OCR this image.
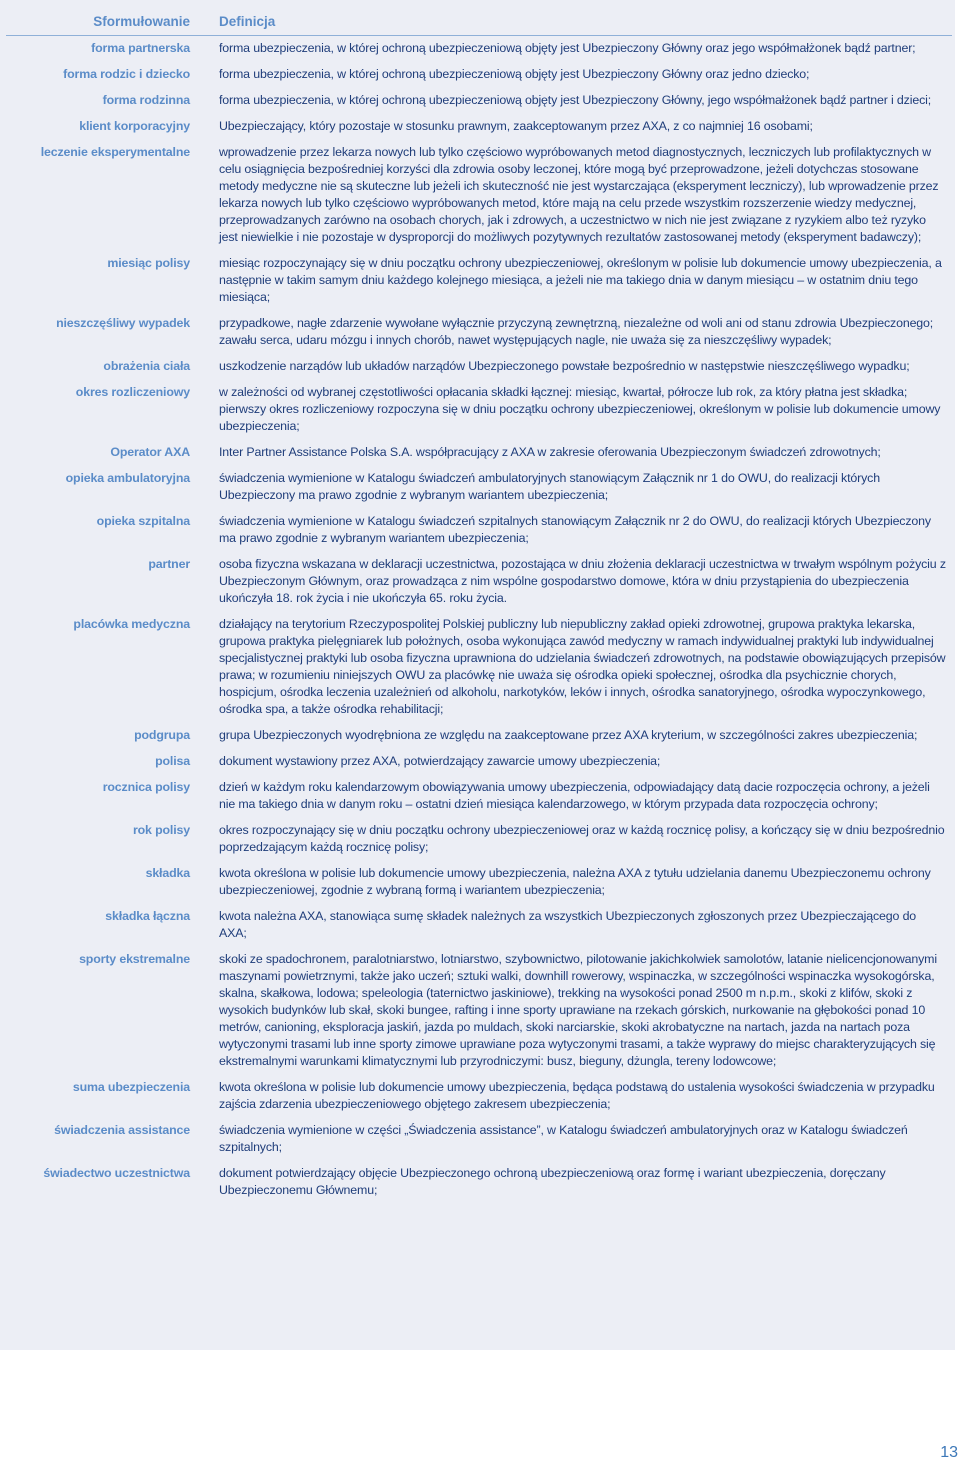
Sformułowanie	Definicja
forma partnerska	forma ubezpieczenia, w której ochroną ubezpieczeniową objęty jest Ubezpieczony Główny oraz jego współmałżonek bądź partner;
forma rodzic i dziecko	forma ubezpieczenia, w której ochroną ubezpieczeniową objęty jest Ubezpieczony Główny oraz jedno dziecko;
forma rodzinna	forma ubezpieczenia, w której ochroną ubezpieczeniową objęty jest Ubezpieczony Główny, jego współmałżonek bądź partner i dzieci;
klient korporacyjny	Ubezpieczający, który pozostaje w stosunku prawnym, zaakceptowanym przez AXA, z co najmniej 16 osobami;
leczenie eksperymentalne	wprowadzenie przez lekarza nowych lub tylko częściowo wypróbowanych metod diagnostycznych, leczniczych lub profilaktycznych w celu osiągnięcia bezpośredniej korzyści dla zdrowia osoby leczonej, które mogą być przeprowadzone, jeżeli dotychczas stosowane metody medyczne nie są skuteczne lub jeżeli ich skuteczność nie jest wystarczająca (eksperyment leczniczy), lub wprowadzenie przez lekarza nowych lub tylko częściowo wypróbowanych metod, które mają na celu przede wszystkim rozszerzenie wiedzy medycznej, przeprowadzanych zarówno na osobach chorych, jak i zdrowych, a uczestnictwo w nich nie jest związane z ryzykiem albo też ryzyko jest niewielkie i nie pozostaje w dysproporcji do możliwych pozytywnych rezultatów zastosowanej metody (eksperyment badawczy);
miesiąc polisy	miesiąc rozpoczynający się w dniu początku ochrony ubezpieczeniowej, określonym w polisie lub dokumencie umowy ubezpieczenia, a następnie w takim samym dniu każdego kolejnego miesiąca, a jeżeli nie ma takiego dnia w danym miesiącu – w ostatnim dniu tego miesiąca;
nieszczęśliwy wypadek	przypadkowe, nagłe zdarzenie wywołane wyłącznie przyczyną zewnętrzną, niezależne od woli ani od stanu zdrowia Ubezpieczonego; zawału serca, udaru mózgu i innych chorób, nawet występujących nagle, nie uważa się za nieszczęśliwy wypadek;
obrażenia ciała	uszkodzenie narządów lub układów narządów Ubezpieczonego powstałe bezpośrednio w następstwie nieszczęśliwego wypadku;
okres rozliczeniowy	w zależności od wybranej częstotliwości opłacania składki łącznej: miesiąc, kwartał, półrocze lub rok, za który płatna jest składka; pierwszy okres rozliczeniowy rozpoczyna się w dniu początku ochrony ubezpieczeniowej, określonym w polisie lub dokumencie umowy ubezpieczenia;
Operator AXA	Inter Partner Assistance Polska S.A. współpracujący z AXA w zakresie oferowania Ubezpieczonym świadczeń zdrowotnych;
opieka ambulatoryjna	świadczenia wymienione w Katalogu świadczeń ambulatoryjnych stanowiącym Załącznik nr 1 do OWU, do realizacji których Ubezpieczony ma prawo zgodnie z wybranym wariantem ubezpieczenia;
opieka szpitalna	świadczenia wymienione w Katalogu świadczeń szpitalnych stanowiącym Załącznik nr 2 do OWU, do realizacji których Ubezpieczony ma prawo zgodnie z wybranym wariantem ubezpieczenia;
partner	osoba fizyczna wskazana w deklaracji uczestnictwa, pozostająca w dniu złożenia deklaracji uczestnictwa w trwałym wspólnym pożyciu z Ubezpieczonym Głównym, oraz prowadząca z nim wspólne gospodarstwo domowe, która w dniu przystąpienia do ubezpieczenia ukończyła 18. rok życia i nie ukończyła 65. roku życia.
placówka medyczna	działający na terytorium Rzeczypospolitej Polskiej publiczny lub niepubliczny zakład opieki zdrowotnej, grupowa praktyka lekarska, grupowa praktyka pielęgniarek lub położnych, osoba wykonująca zawód medyczny w ramach indywidualnej praktyki lub indywidualnej specjalistycznej praktyki lub osoba fizyczna uprawniona do udzielania świadczeń zdrowotnych, na podstawie obowiązujących przepisów prawa; w rozumieniu niniejszych OWU za placówkę nie uważa się ośrodka opieki społecznej, ośrodka dla psychicznie chorych, hospicjum, ośrodka leczenia uzależnień od alkoholu, narkotyków, leków i innych, ośrodka sanatoryjnego, ośrodka wypoczynkowego, ośrodka spa, a także ośrodka rehabilitacji;
podgrupa	grupa Ubezpieczonych wyodrębniona ze względu na zaakceptowane przez AXA kryterium, w szczególności zakres ubezpieczenia;
polisa	dokument wystawiony przez AXA, potwierdzający zawarcie umowy ubezpieczenia;
rocznica polisy	dzień w każdym roku kalendarzowym obowiązywania umowy ubezpieczenia, odpowiadający datą dacie rozpoczęcia ochrony, a jeżeli nie ma takiego dnia w danym roku – ostatni dzień miesiąca kalendarzowego, w którym przypada data rozpoczęcia ochrony;
rok polisy	okres rozpoczynający się w dniu początku ochrony ubezpieczeniowej oraz w każdą rocznicę polisy, a kończący się w dniu bezpośrednio poprzedzającym każdą rocznicę polisy;
składka	kwota określona w polisie lub dokumencie umowy ubezpieczenia, należna AXA z tytułu udzielania danemu Ubezpieczonemu ochrony ubezpieczeniowej, zgodnie z wybraną formą i wariantem ubezpieczenia;
składka łączna	kwota należna AXA, stanowiąca sumę składek należnych za wszystkich Ubezpieczonych zgłoszonych przez Ubezpieczającego do AXA;
sporty ekstremalne	skoki ze spadochronem, paralotniarstwo, lotniarstwo, szybownictwo, pilotowanie jakichkolwiek samolotów, latanie nielicencjonowanymi maszynami powietrznymi, także jako uczeń; sztuki walki, downhill rowerowy, wspinaczka, w szczególności wspinaczka wysokogórska, skalna, skałkowa, lodowa; speleologia (taternictwo jaskiniowe), trekking na wysokości ponad 2500 m n.p.m., skoki z klifów, skoki z wysokich budynków lub skał, skoki bungee, rafting i inne sporty uprawiane na rzekach górskich, nurkowanie na głębokości ponad 10 metrów, canioning, eksploracja jaskiń, jazda po muldach, skoki narciarskie, skoki akrobatyczne na nartach, jazda na nartach poza wytyczonymi trasami lub inne sporty zimowe uprawiane poza wytyczonymi trasami, a także wyprawy do miejsc charakteryzujących się ekstremalnymi warunkami klimatycznymi lub przyrodniczymi: busz, bieguny, dżungla, tereny lodowcowe;
suma ubezpieczenia	kwota określona w polisie lub dokumencie umowy ubezpieczenia, będąca podstawą do ustalenia wysokości świadczenia w przypadku zajścia zdarzenia ubezpieczeniowego objętego zakresem ubezpieczenia;
świadczenia assistance	świadczenia wymienione w części „Świadczenia assistance”, w Katalogu świadczeń ambulatoryjnych oraz w Katalogu świadczeń szpitalnych;
świadectwo uczestnictwa	dokument potwierdzający objęcie Ubezpieczonego ochroną ubezpieczeniową oraz formę i wariant ubezpieczenia, doręczany Ubezpieczonemu Głównemu;
13
